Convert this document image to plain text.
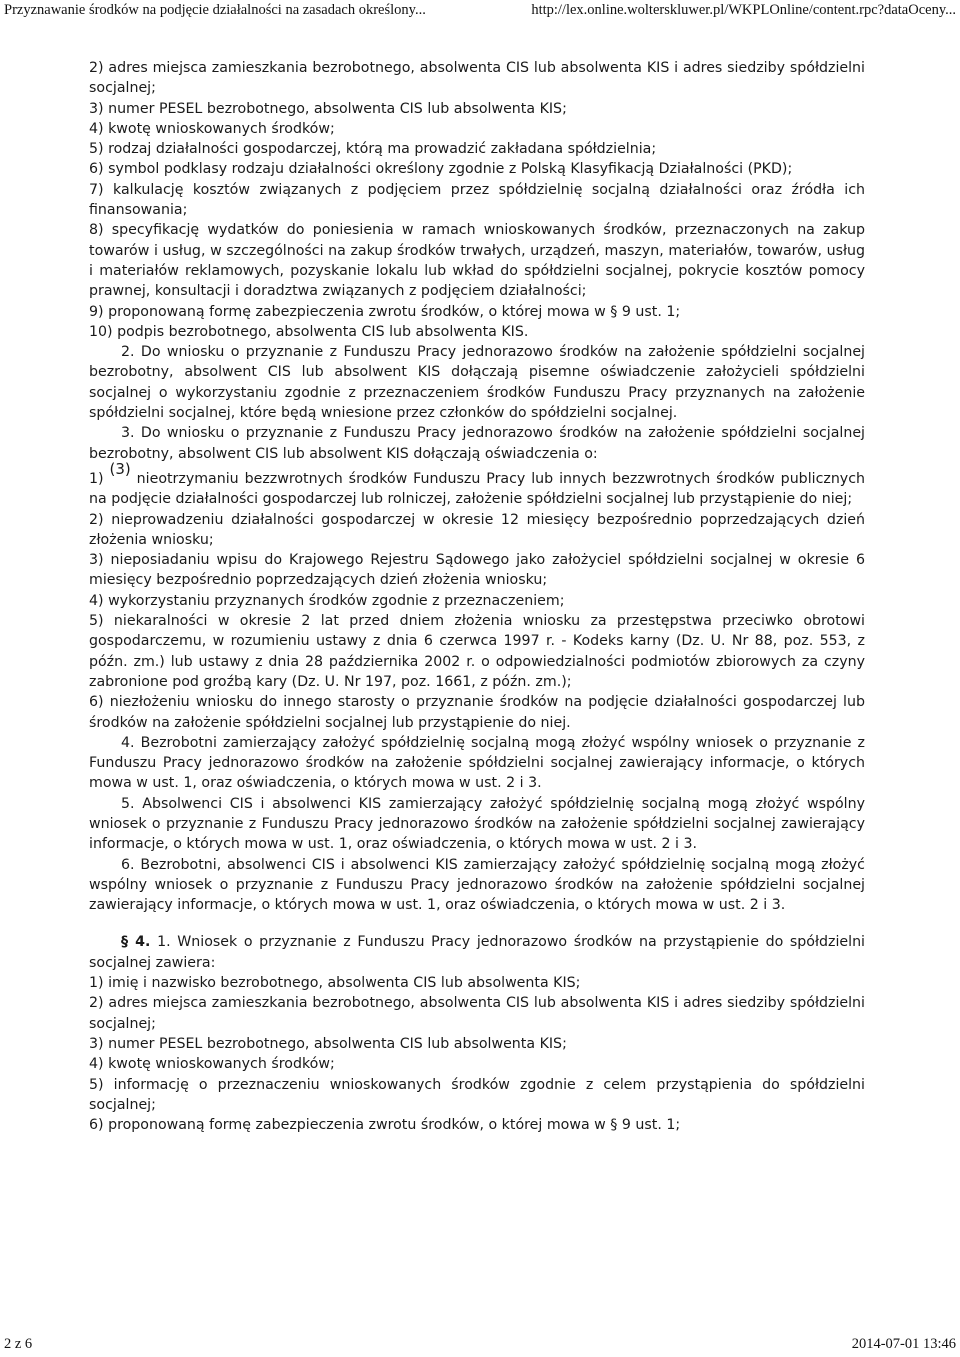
Przyznawanie środków na podjęcie działalności na zasadach określony...	http://lex.online.wolterskluwer.pl/WKPLOnline/content.rpc?dataOceny...

2) adres miejsca zamieszkania bezrobotnego, absolwenta CIS lub absolwenta KIS i adres siedziby spółdzielni socjalnej;

3) numer PESEL bezrobotnego, absolwenta CIS lub absolwenta KIS;

4) kwotę wnioskowanych środków;

5) rodzaj działalności gospodarczej, którą ma prowadzić zakładana spółdzielnia;

6) symbol podklasy rodzaju działalności określony zgodnie z Polską Klasyfikacją Działalności (PKD);

7) kalkulację kosztów związanych z podjęciem przez spółdzielnię socjalną działalności oraz źródła ich finansowania;

8) specyfikację wydatków do poniesienia w ramach wnioskowanych środków, przeznaczonych na zakup towarów i usług, w szczególności na zakup środków trwałych, urządzeń, maszyn, materiałów, towarów, usług i materiałów reklamowych, pozyskanie lokalu lub wkład do spółdzielni socjalnej, pokrycie kosztów pomocy prawnej, konsultacji i doradztwa związanych z podjęciem działalności;

9) proponowaną formę zabezpieczenia zwrotu środków, o której mowa w § 9 ust. 1;

10) podpis bezrobotnego, absolwenta CIS lub absolwenta KIS.

2. Do wniosku o przyznanie z Funduszu Pracy jednorazowo środków na założenie spółdzielni socjalnej bezrobotny, absolwent CIS lub absolwent KIS dołączają pisemne oświadczenie założycieli spółdzielni socjalnej o wykorzystaniu zgodnie z przeznaczeniem środków Funduszu Pracy przyznanych na założenie spółdzielni socjalnej, które będą wniesione przez członków do spółdzielni socjalnej.

3. Do wniosku o przyznanie z Funduszu Pracy jednorazowo środków na założenie spółdzielni socjalnej bezrobotny, absolwent CIS lub absolwent KIS dołączają oświadczenia o:

1) (3) nieotrzymaniu bezzwrotnych środków Funduszu Pracy lub innych bezzwrotnych środków publicznych na podjęcie działalności gospodarczej lub rolniczej, założenie spółdzielni socjalnej lub przystąpienie do niej;

2) nieprowadzeniu działalności gospodarczej w okresie 12 miesięcy bezpośrednio poprzedzających dzień złożenia wniosku;

3) nieposiadaniu wpisu do Krajowego Rejestru Sądowego jako założyciel spółdzielni socjalnej w okresie 6 miesięcy bezpośrednio poprzedzających dzień złożenia wniosku;

4) wykorzystaniu przyznanych środków zgodnie z przeznaczeniem;

5) niekaralności w okresie 2 lat przed dniem złożenia wniosku za przestępstwa przeciwko obrotowi gospodarczemu, w rozumieniu ustawy z dnia 6 czerwca 1997 r. - Kodeks karny (Dz. U. Nr 88, poz. 553, z późn. zm.) lub ustawy z dnia 28 października 2002 r. o odpowiedzialności podmiotów zbiorowych za czyny zabronione pod groźbą kary (Dz. U. Nr 197, poz. 1661, z późn. zm.);

6) niezłożeniu wniosku do innego starosty o przyznanie środków na podjęcie działalności gospodarczej lub środków na założenie spółdzielni socjalnej lub przystąpienie do niej.

4. Bezrobotni zamierzający założyć spółdzielnię socjalną mogą złożyć wspólny wniosek o przyznanie z Funduszu Pracy jednorazowo środków na założenie spółdzielni socjalnej zawierający informacje, o których mowa w ust. 1, oraz oświadczenia, o których mowa w ust. 2 i 3.

5. Absolwenci CIS i absolwenci KIS zamierzający założyć spółdzielnię socjalną mogą złożyć wspólny wniosek o przyznanie z Funduszu Pracy jednorazowo środków na założenie spółdzielni socjalnej zawierający informacje, o których mowa w ust. 1, oraz oświadczenia, o których mowa w ust. 2 i 3.

6. Bezrobotni, absolwenci CIS i absolwenci KIS zamierzający założyć spółdzielnię socjalną mogą złożyć wspólny wniosek o przyznanie z Funduszu Pracy jednorazowo środków na założenie spółdzielni socjalnej zawierający informacje, o których mowa w ust. 1, oraz oświadczenia, o których mowa w ust. 2 i 3.

§ 4. 1. Wniosek o przyznanie z Funduszu Pracy jednorazowo środków na przystąpienie do spółdzielni socjalnej zawiera:

1) imię i nazwisko bezrobotnego, absolwenta CIS lub absolwenta KIS;

2) adres miejsca zamieszkania bezrobotnego, absolwenta CIS lub absolwenta KIS i adres siedziby spółdzielni socjalnej;

3) numer PESEL bezrobotnego, absolwenta CIS lub absolwenta KIS;

4) kwotę wnioskowanych środków;

5) informację o przeznaczeniu wnioskowanych środków zgodnie z celem przystąpienia do spółdzielni socjalnej;

6) proponowaną formę zabezpieczenia zwrotu środków, o której mowa w § 9 ust. 1;

2 z 6	2014-07-01 13:46
